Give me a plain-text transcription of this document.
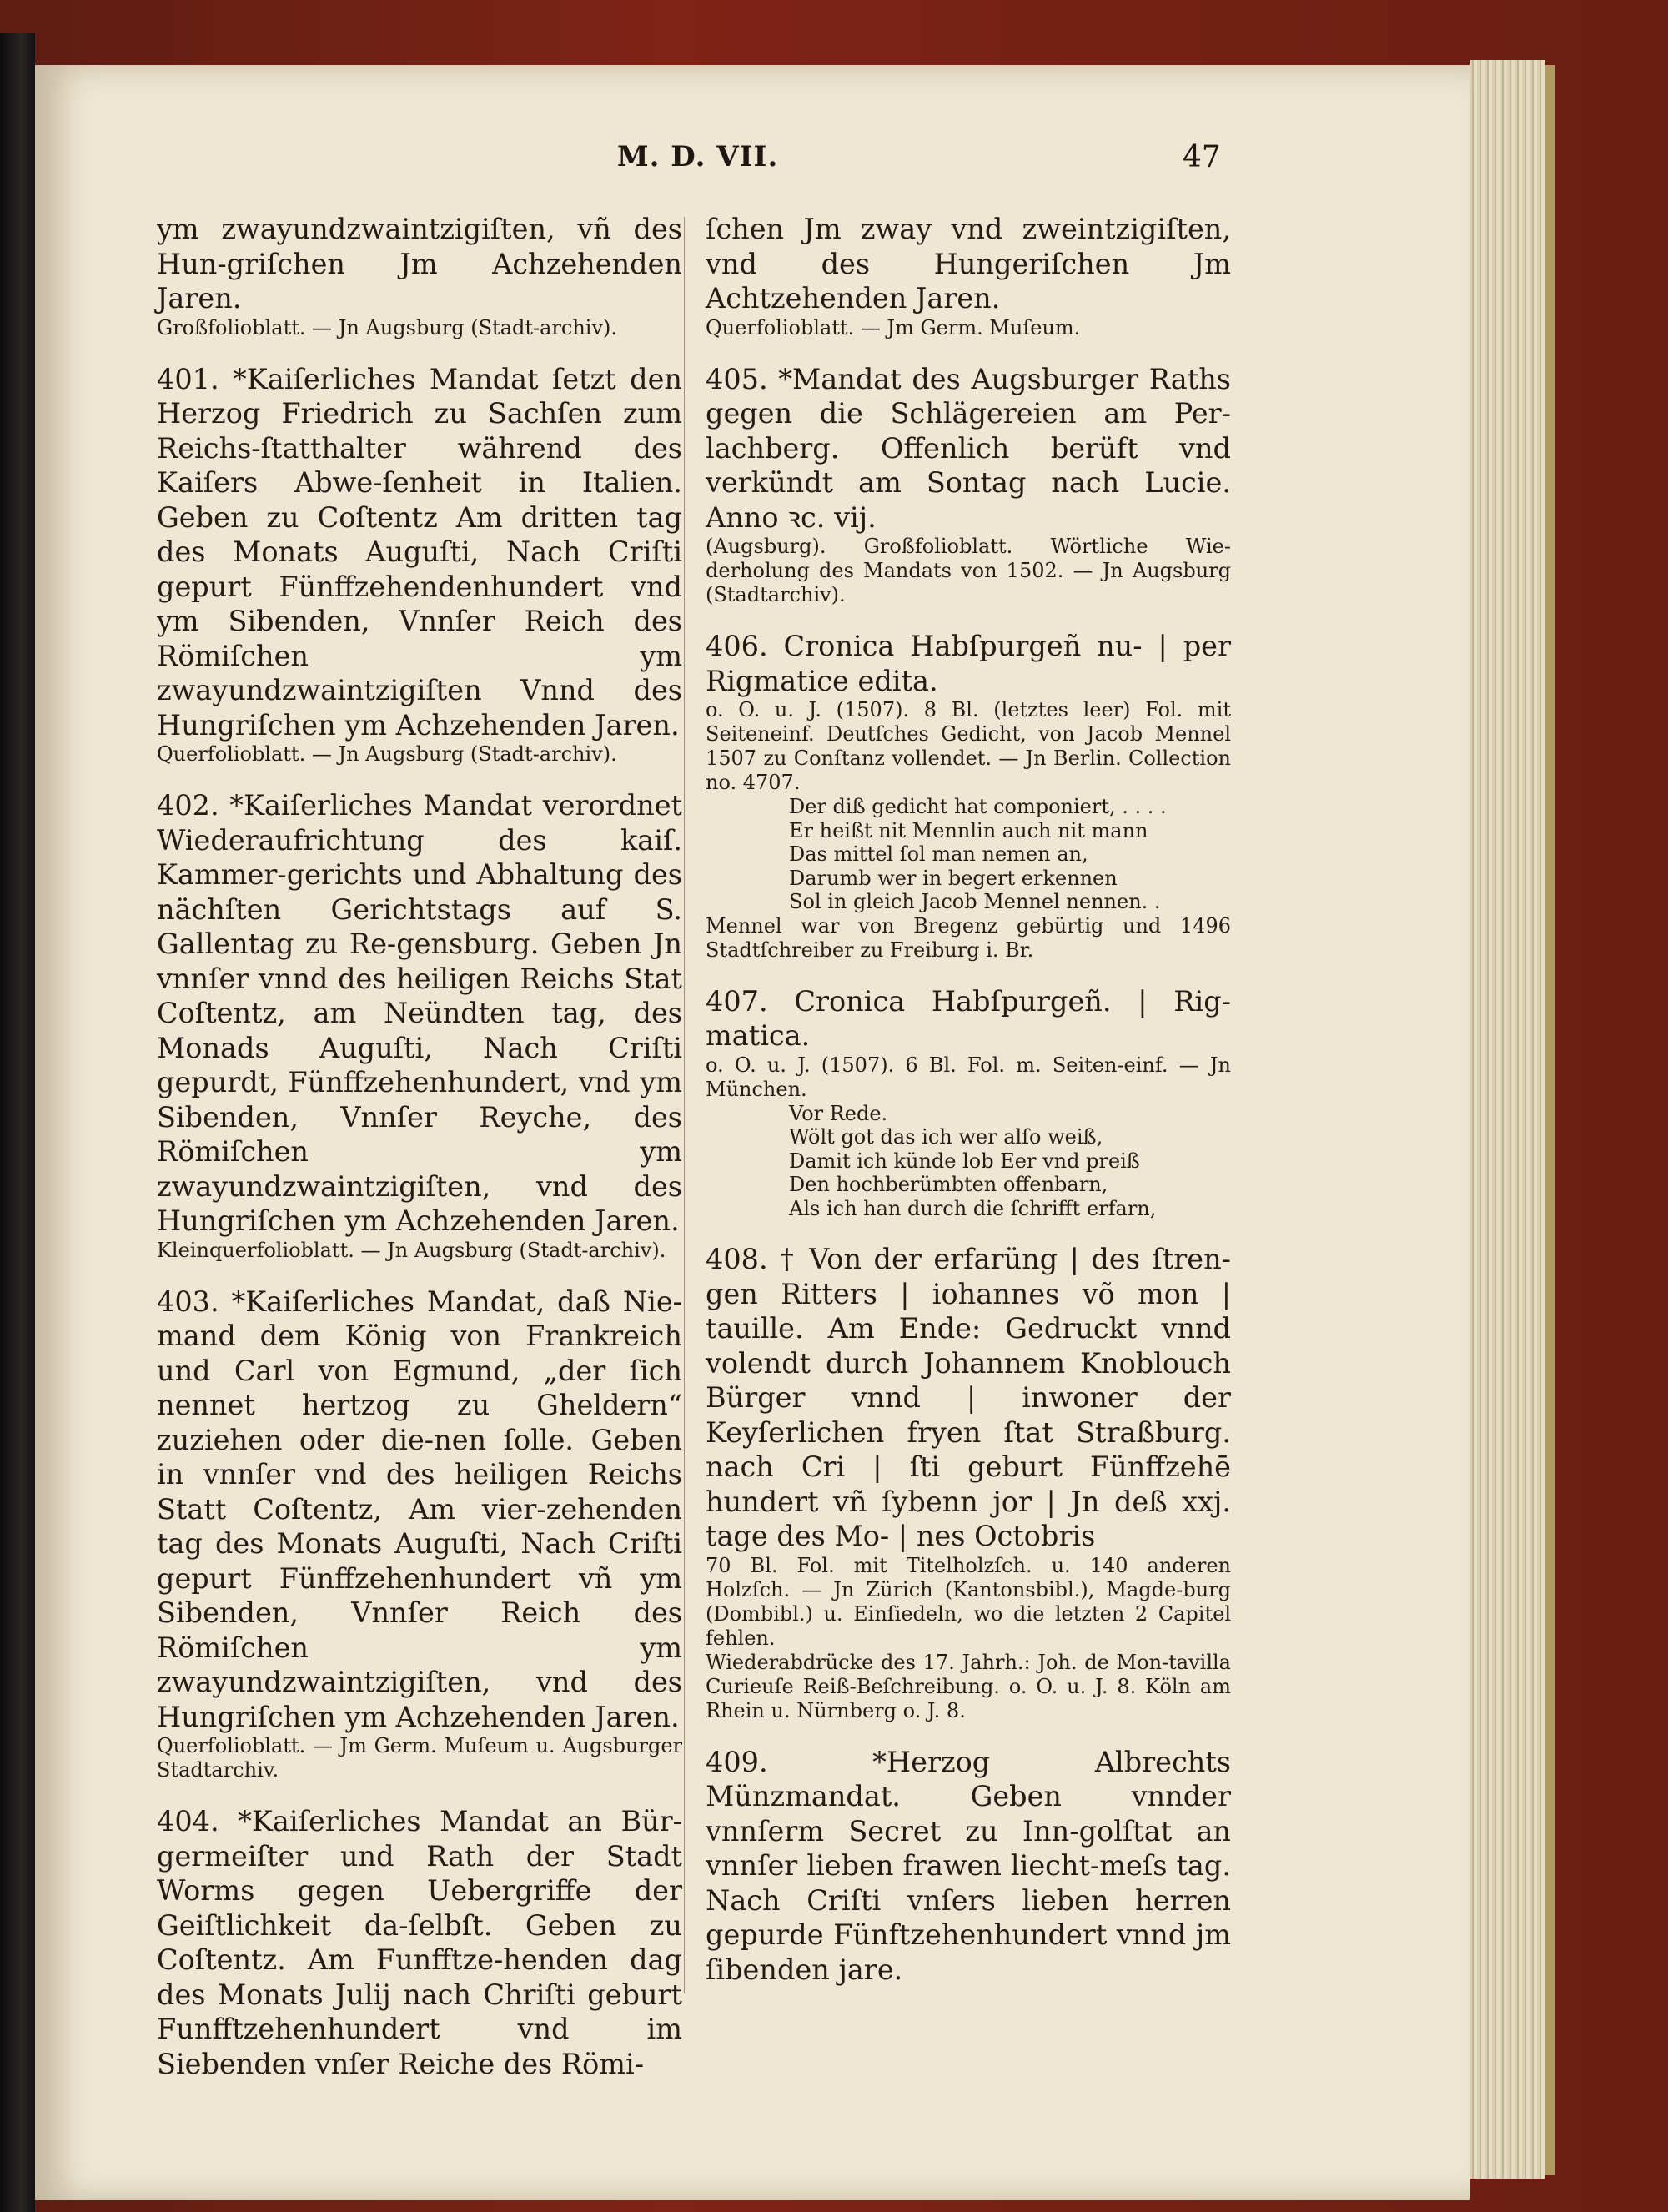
M. D. VII.	47

ym zwayundzwaintzigiſten, vñ des Hun-griſchen Jm Achzehenden Jaren.

Großfolioblatt. — Jn Augsburg (Stadt-archiv).

401. *Kaiſerliches Mandat ſetzt den Herzog Friedrich zu Sachſen zum Reichs-ſtatthalter während des Kaiſers Abwe-ſenheit in Italien. Geben zu Coſtentz Am dritten tag des Monats Auguſti, Nach Criſti gepurt Fünffzehendenhundert vnd ym Sibenden, Vnnſer Reich des Römiſchen ym zwayundzwaintzigiſten Vnnd des Hungriſchen ym Achzehenden Jaren.

Querfolioblatt. — Jn Augsburg (Stadt-archiv).

402. *Kaiſerliches Mandat verordnet Wiederaufrichtung des kaiſ. Kammer-gerichts und Abhaltung des nächſten Gerichtstags auf S. Gallentag zu Re-gensburg. Geben Jn vnnſer vnnd des heiligen Reichs Stat Coſtentz, am Neündten tag, des Monads Auguſti, Nach Criſti gepurdt, Fünffzehenhundert, vnd ym Sibenden, Vnnſer Reyche, des Römiſchen ym zwayundzwaintzigiſten, vnd des Hungriſchen ym Achzehenden Jaren.

Kleinquerfolioblatt. — Jn Augsburg (Stadt-archiv).

403. *Kaiſerliches Mandat, daß Nie-mand dem König von Frankreich und Carl von Egmund, „der ſich nennet hertzog zu Gheldern“ zuziehen oder die-nen ſolle. Geben in vnnſer vnd des heiligen Reichs Statt Coſtentz, Am vier-zehenden tag des Monats Auguſti, Nach Criſti gepurt Fünffzehenhundert vñ ym Sibenden, Vnnſer Reich des Römiſchen ym zwayundzwaintzigiſten, vnd des Hungriſchen ym Achzehenden Jaren.

Querfolioblatt. — Jm Germ. Muſeum u. Augsburger Stadtarchiv.

404. *Kaiſerliches Mandat an Bür-germeiſter und Rath der Stadt Worms gegen Uebergriffe der Geiſtlichkeit da-ſelbſt. Geben zu Coſtentz. Am Funfftze-henden dag des Monats Julij nach Chriſti geburt Funfftzehenhundert vnd im Siebenden vnſer Reiche des Römi-

ſchen Jm zway vnd zweintzigiſten, vnd des Hungeriſchen Jm Achtzehenden Jaren.

Querfolioblatt. — Jm Germ. Muſeum.

405. *Mandat des Augsburger Raths gegen die Schlägereien am Per-lachberg. Offenlich berüft vnd verkündt am Sontag nach Lucie. Anno ꝛc. vij.

(Augsburg). Großfolioblatt. Wörtliche Wie-derholung des Mandats von 1502. — Jn Augsburg (Stadtarchiv).

406. Cronica Habſpurgeñ nu- | per Rigmatice edita.

o. O. u. J. (1507). 8 Bl. (letztes leer) Fol. mit Seiteneinf. Deutſches Gedicht, von Jacob Mennel 1507 zu Conſtanz vollendet. — Jn Berlin. Collection no. 4707.

Der diß gedicht hat componiert, . . . .
Er heißt nit Mennlin auch nit mann
Das mittel ſol man nemen an,
Darumb wer in begert erkennen
Sol in gleich Jacob Mennel nennen. .

Mennel war von Bregenz gebürtig und 1496 Stadtſchreiber zu Freiburg i. Br.

407. Cronica Habſpurgeñ. | Rig-matica.

o. O. u. J. (1507). 6 Bl. Fol. m. Seiten-einf. — Jn München.

Vor Rede.
Wölt got das ich wer alſo weiß,
Damit ich künde lob Eer vnd preiß
Den hochberümbten offenbarn,
Als ich han durch die ſchrifft erfarn,

408. † Von der erfarüng | des ſtren-gen Ritters | iohannes võ mon | tauille. Am Ende: Gedruckt vnnd volendt durch Johannem Knoblouch Bürger vnnd | inwoner der Keyſerlichen fryen ſtat Straßburg. nach Cri | ſti geburt Fünffzehē hundert vñ ſybenn jor | Jn deß xxj. tage des Mo- | nes Octobris

70 Bl. Fol. mit Titelholzſch. u. 140 anderen Holzſch. — Jn Zürich (Kantonsbibl.), Magde-burg (Dombibl.) u. Einſiedeln, wo die letzten 2 Capitel fehlen.

Wiederabdrücke des 17. Jahrh.: Joh. de Mon-tavilla Curieuſe Reiß-Beſchreibung. o. O. u. J. 8. Köln am Rhein u. Nürnberg o. J. 8.

409. *Herzog Albrechts Münzmandat. Geben vnnder vnnſerm Secret zu Inn-golſtat an vnnſer lieben frawen liecht-meſs tag. Nach Criſti vnſers lieben herren gepurde Fünftzehenhundert vnnd jm ſibenden jare.
